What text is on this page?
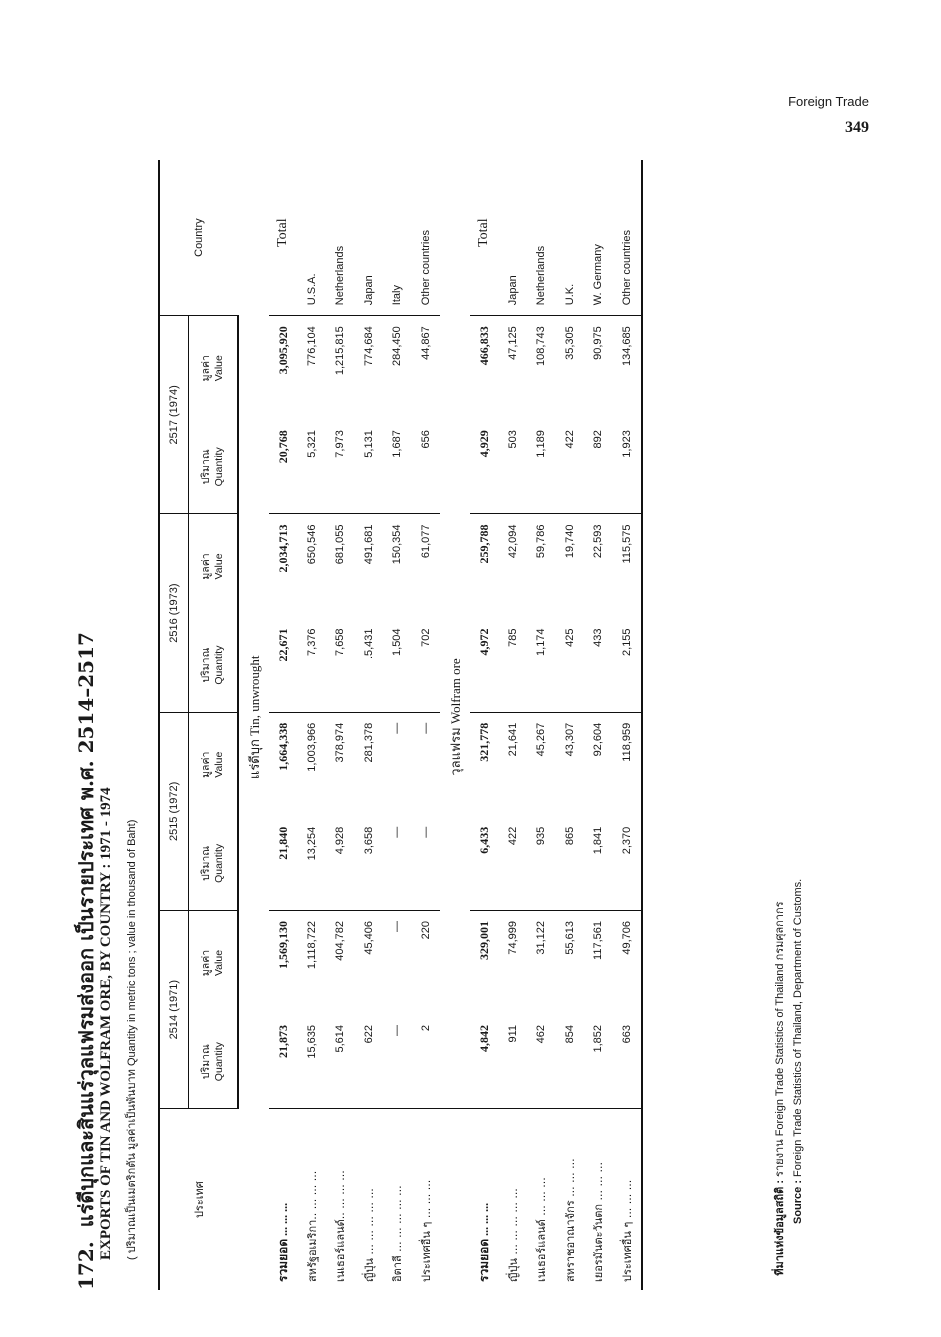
Foreign Trade
349
172.แร่ดีบุกและสินแร่วุลแฟรมส่งออก เป็นรายประเทศ พ.ศ. 2514–2517 EXPORTS OF TIN AND WOLFRAM ORE, BY COUNTRY : 1971 - 1974	( ปริมาณเป็นเมตริกตัน มูลค่าเป็นพันบาท Quantity in metric tons ; value in thousand of Baht)	ประเทศ	2514 (1971)		2515 (1972)		2516 (1973)		2517 (1974)		Country
	ปริมาณ
Quantity	มูลค่า
Value	ปริมาณ
Quantity	มูลค่า
Value	ปริมาณ
Quantity	มูลค่า
Value	ปริมาณ
Quantity	มูลค่า
Value	
	แร่ดีบุก Tin, unwrought								
รวมยอด ... ... ...	21,873	1,569,130	21,840	1,664,338	22,671	2,034,713	20,768	3,095,920	Total
สหรัฐอเมริกา.. ... ... ...	15,635	1,118,722	13,254	1,003,966	7,376	650,546	5,321	776,104	U.S.A.
เนเธอร์แลนด์.. ... ... ...	5,614	404,782	4,928	378,974	7,658	681,055	7,973	1,215,815	Netherlands
ญี่ปุ่น ... ... ... ... ...	622	45,406	3,658	281,378	.5,431	491,681	5,131	774,684	Japan
อิตาลี ... ... ... ... ...	—	—	—	—	1,504	150,354	1,687	284,450	Italy
ประเทศอื่น ๆ ... ... ...	2	220	—	—	702	61,077	656	44,867	Other countries
	วุลแฟรม Wolfram ore								
รวมยอด ... ... ...	4,842	329,001	6,433	321,778	4,972	259,788	4,929	466,833	Total
ญี่ปุ่น ... ... ... ... ...	911	74,999	422	21,641	785	42,094	503	47,125	Japan
เนเธอร์แลนด์ ... ... ...	462	31,122	935	45,267	1,174	59,786	1,189	108,743	Netherlands
สหราชอาณาจักร ... ... ...	854	55,613	865	43,307	425	19,740	422	35,305	U.K.
เยอรมันตะวันตก ... ... ...	1,852	117,561	1,841	92,604	433	22,593	892	90,975	W. Germany
ประเทศอื่น ๆ ... ... ...	663	49,706	2,370	118,959	2,155	115,575	1,923	134,685	Other countries
ที่มาแห่งข้อมูลสถิติ : รายงาน Foreign Trade Statistics of Thailand กรมศุลกากร
Source : Foreign Trade Statistics of Thailand, Department of Customs.
